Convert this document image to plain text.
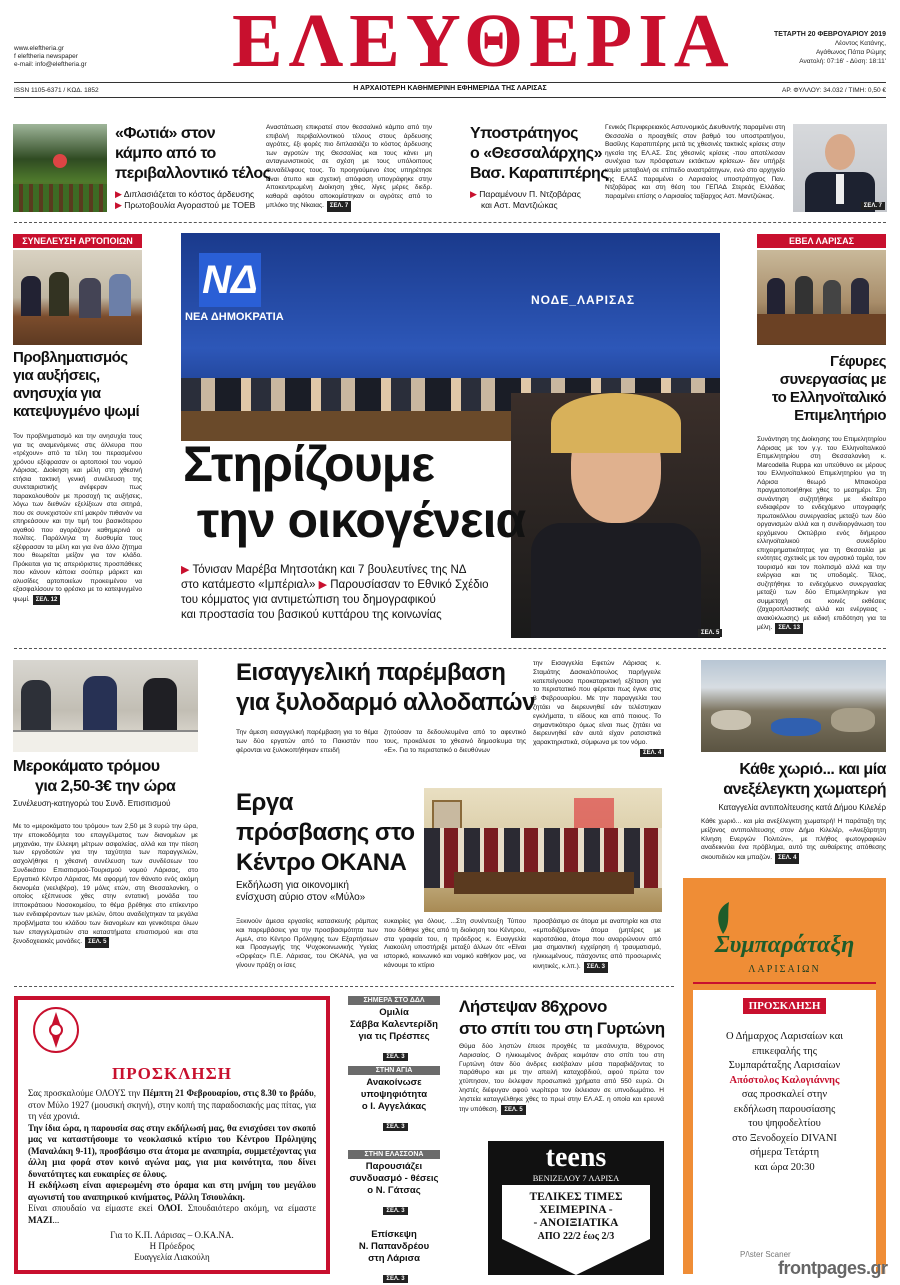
www.eleftheria.gr
f eleftheria newspaper
e-mail: info@eleftheria.gr ΕΛΕΥΘΕΡΙΑ	ΤΕΤΑΡΤΗ 20 ΦΕΒΡΟΥΑΡΙΟΥ 2019
Λέοντος Κατάνης,
Αγάθωνος Πάπα Ρώμης
Ανατολή: 07:16' - Δύση: 18:11'
ISSN 1105-6371 / ΚΩΔ. 1852	Η ΑΡΧΑΙΟΤΕΡΗ ΚΑΘΗΜΕΡΙΝΗ ΕΦΗΜΕΡΙΔΑ ΤΗΣ ΛΑΡΙΣΑΣ	ΑΡ. ΦΥΛΛΟΥ: 34.032 / ΤΙΜΗ: 0,50 €
«Φωτιά» στον
κάμπο από το
περιβαλλοντικό τέλος
▶ Διπλασιάζεται το κόστος άρδευσης
▶ Πρωτοβουλία Αγοραστού με ΤΟΕΒ
Αναστάτωση επικρατεί στον θεσσαλικό κάμπο από την επιβολή περιβαλλοντικού τέλους στους άρδευσης αγρότες, έξι φορές πιο διπλασιάζει το κόστος άρδευσης των αγροτών της Θεσσαλίας και τους κάνει μη ανταγωνιστικούς σε σχέση με τους υπόλοιπους συναδέλφους τους. Το προηγούμενο έτος υπηρέτησε είναι άτυπο και σχετική απόφαση υπογράφηκε στην Αποκεντρωμένη Διοίκηση χθες, λίγες μέρες διεδρ. καθαρά αφότου αποκομίστηκαν οι αγρότες από το μπλόκο της Νίκαιας. ΣΕΛ. 7
Υποστράτηγος
ο «Θεσσαλάρχης»
Βασ. Καραπιπέρης
▶ Παραμένουν Π. Ντζοβάρας
και Αστ. Μαντζιώκας
Γενικός Περιφερειακός Αστυνομικός Διευθυντής παραμένει στη Θεσσαλία ο προαχθείς στον βαθμό του υποστρατήγου, Βασίλης Καραπιπέρης μετά τις χθεσινές τακτικές κρίσεις στην ηγεσία της ΕΛ.ΑΣ. Στις χθεσινές κρίσεις -που αποτέλεσαν συνέχεια των πρόσφατων εκτάκτων κρίσεων- δεν υπήρξε καμία μεταβολή σε επίπεδο αναστράτηγων, ενώ στο αρχηγείο της ΕΛΑΣ παραμένει ο Λαρισαίος υποστράτηγος Παν. Ντζοβάρας και στη θέση του ΓΕΠΑΔ Στερεάς Ελλάδας παραμένει επίσης ο Λαρισαίος ταξίαρχος Αστ. Μαντζιώκας.
ΣΕΛ. 7
ΣΥΝΕΛΕΥΣΗ ΑΡΤΟΠΟΙΩΝ
Προβληματισμός
για αυξήσεις,
ανησυχία για
κατεψυγμένο ψωμί
Τον προβληματισμό και την ανησυχία τους για τις αναμενόμενες στις άλλευρα που «τρέχουν» από τα τέλη του περασμένου χρόνου εξέφρασαν οι αρτοποιοί του νομού Λάρισας. Διοίκηση και μέλη στη χθεσινή ετήσια τακτική γενική συνέλευση της συνεταιριστικής ανέφεραν πως παρακολουθούν με προσοχή τις αυξήσεις, λόγω των διεθνών εξελίξεων στα σιτηρά, που σε συνεχιστούν επί μακρόν πιθανόν να επηρεάσουν και την τιμή του βασικότερου αγαθού που αγοράζουν καθημερινά οι πολίτες. Παράλληλα τη δυσθυμία τους εξέφρασαν τα μέλη και για ένα άλλο ζήτημα που θεωρείται μείζον για τον κλάδο. Πρόκειται για τις απεριόριστες προσπάθειες που κάνουν κάποια σούπερ μάρκετ και αλυσίδες αρτοποιείων προκειμένου να εξασφαλίσουν το φρέσκο με το κατεψυγμένο ψωμί. ΣΕΛ. 12
ΝΔ
ΝΕΑ ΔΗΜΟΚΡΑΤΙΑ
ΝΟΔΕ_ΛΑΡΙΣΑΣ
Στηρίζουμε
την οικογένεια
▶ Τόνισαν Μαρέβα Μητσοτάκη και 7 βουλευτίνες της ΝΔ
στο κατάμεστο «Ιμπέριαλ» ▶ Παρουσίασαν το Εθνικό Σχέδιο
του κόμματος για αντιμετώπιση του δημογραφικού
και προστασία του βασικού κυττάρου της κοινωνίας
ΣΕΛ. 5
ΕΒΕΛ ΛΑΡΙΣΑΣ
Γέφυρες
συνεργασίας με
το Ελληνοϊταλικό
Επιμελητήριο
Συνάντηση της Διοίκησης του Επιμελητηρίου Λάρισας με τον γ.γ. του Ελληνοϊταλικού Επιμελητηρίου στη Θεσσαλονίκη κ. Marcodella Ruppa και υπεύθυνο εκ μέρους του Ελληνοϊταλικού Επιμελητηρίου για τη Λάρισα θεωρό Μπακούρα πραγματοποιήθηκε χθες το μεσημέρι. Στη συνάντηση συζητήθηκε με ιδιαίτερο ενδιαφέρον το ενδεχόμενο υπογραφής πρωτοκόλλου συνεργασίας μεταξύ των δύο οργανισμών αλλά και η συνδιοργάνωση του ερχόμενου Οκτώβριο ενός διήμερου ελληνοϊταλικού συνεδρίου επιχειρηματικότητας για τη Θεσσαλία με ενότητες σχετικές με τον αγροτικό τομέα, τον τουρισμό και τον πολιτισμό αλλά και την ενέργεια και τις υποδομές. Τέλος, συζητήθηκε το ενδεχόμενο συνεργασίας μεταξύ των δύο Επιμελητηρίων για συμμετοχή σε κοινές εκθέσεις (ζαχαροπλαστικής αλλά και ενέργειας - ανακύκλωσης) με ειδική επιδότηση για τα μέλη. ΣΕΛ. 13
Μεροκάματο τρόμου
για 2,50-3€ την ώρα
Συνέλευση-κατηγορώ του Συνδ. Επισιτισμού
Με το «μεροκάματο του τρόμου» των 2,50 με 3 ευρώ την ώρα, την εποικοδόμητα του επαγγέλματος των διανομέων με μηχανάκι, την έλλειψη μέτρων ασφαλείας, αλλά και την πίεση των εργοδοτών για την ταχύτητα των παραγγελιών, ασχολήθηκε η χθεσινή συνέλευση των συνδέσεων του Συνδικάτου Επισιτισμού-Τουρισμού νομού Λάρισας, στο Εργατικό Κέντρο Λάρισας. Με αφορμή τον θάνατο ενός ακόμη διανομέα (νεελιβέρα), 19 μόλις ετών, στη Θεσσαλονίκη, ο οποίος εξέπνευσε χθες στην εντατική μονάδα του Ιπποκράτειου Νοσοκομείου, το θέμα βρέθηκε στο επίκεντρο των ενδιαφέροντων των μελών, όπου αναδείχτηκαν τα μεγάλα προβλήματα του κλάδου των διανομέων και γενικότερα όλων των επαγγελματιών στα καταστήματα επισιτισμού και στα ξενοδοχειακές μονάδες. ΣΕΛ. 5
Εισαγγελική παρέμβαση
για ξυλοδαρμό αλλοδαπών
Την άμεση εισαγγελική παρέμβαση για το θέμα των δύο εργατών από το Πακιστάν που φέρονται να ξυλοκοπήθηκαν επειδή
ζητούσαν τα δεδουλευμένα από το αφεντικό τους, προκάλεσε το χθεσινό δημοσίευμα της «Ε». Για το περιστατικό ο διευθύνων
την Εισαγγελία Εφετών Λάρισας κ. Σταμάτης Δασκαλόπουλος παρήγγειλε κατεπείγουσα προκαταρκτική εξέταση για το περιστατικό που φέρεται πως έγινε στις 8 Φεβρουαρίου. Με την παραγγελία του ζητάει να διερευνηθεί εάν τελέστηκαν εγκλήματα, τι είδους και από ποιους. Το σημαντικότερο όμως είναι πως ζητάει να διερευνηθεί εάν αυτά είχαν ρατσιστικά χαρακτηριστικά, σύμφωνα με τον νόμο.
ΣΕΛ. 4
Κάθε χωριό... και μία
ανεξέλεγκτη χωματερή
Καταγγελία αντιπολίτευσης κατά Δήμου Κιλελέρ
Κάθε χωριό... και μία ανεξέλεγκτη χωματερή! Η παράταξη της μείζονος αντιπολίτευσης στον Δήμο Κιλελέρ, «Ανεξάρτητη Κίνηση Ενεργών Πολιτών», με πλήθος φωτογραφιών αναδεικνύει ένα πρόβλημα, αυτό της αυθαίρετης απόθεσης σκουπιδιών και μπαζών. ΣΕΛ. 4
Εργα
πρόσβασης στο
Κέντρο ΟΚΑΝΑ
Εκδήλωση για οικονομική
ενίσχυση αύριο στον «Μύλο»
Ξεκινούν άμεσα εργασίες κατασκευής ράμπας και παρεμβάσεις για την προσβασιμότητα των ΑμεΑ, στο Κέντρο Πρόληψης των Εξαρτήσεων και Προαγωγής της Ψυχοκοινωνικής Υγείας «Ορφέας» Π.Ε. Λάρισας, του ΟΚΑΝΑ, για να γίνουν πράξη οι ίσες
ευκαιρίες για όλους. ...Στη συνέντευξη Τύπου που δόθηκε χθες από τη διοίκηση του Κέντρου, στα γραφεία του, η πρόεδρος κ. Ευαγγελία Λιακούλη υποστήριξε μεταξύ άλλων ότι: «Είναι ιστορικό, κοινωνικό και νομικό καθήκον μας, να κάνουμε το κτίριο
προσβάσιμο σε άτομα με αναπηρία και στα «εμποδιζόμενα» άτομα (μητέρες με καροτσάκια, άτομα που αναρρώνουν από μια σημαντική εγχείρηση ή τραυματισμό, ηλικιωμένους, πάσχοντες από προσωρινές κινητικές, κ.λπ.). ΣΕΛ. 3
ΠΡΟΣΚΛΗΣΗ

Σας προσκαλούμε ΟΛΟΥΣ την Πέμπτη 21 Φεβρουαρίου, στις 8.30 το βράδυ, στον Μύλο 1927 (μουσική σκηνή), στην κοπή της παραδοσιακής μας πίτας, για τη νέα χρονιά.

Την ίδια ώρα, η παρουσία σας στην εκδήλωσή μας, θα ενισχύσει τον σκοπό μας να καταστήσουμε το νεοκλασικό κτίριο του Κέντρου Πρόληψης (Μαναλάκη 9-11), προσβάσιμο στα άτομα με αναπηρία, συμμετέχοντας για άλλη μια φορά στον κοινό αγώνα μας, για μια κοινότητα, που δίνει δυνατότητες και ευκαιρίες σε όλους.

Η εκδήλωση είναι αφιερωμένη στο όραμα και στη μνήμη του μεγάλου αγωνιστή του αναπηρικού κινήματος, Ράλλη Τσιουλάκη.

Είναι σπουδαίο να είμαστε εκεί ΟΛΟΙ. Σπουδαιότερο ακόμη, να είμαστε ΜΑΖΙ...

Για το Κ.Π. Λάρισας – Ο.ΚΑ.ΝΑ.
Η Πρόεδρος
Ευαγγελία Λιακούλη
ΣΗΜΕΡΑ ΣΤΟ ΔΔΛ
Ομιλία
Σάββα Καλεντερίδη
για τις Πρέσπες
ΣΕΛ. 3
ΣΤΗΝ ΑΓΙΑ
Ανακοίνωσε
υποψηφιότητα
ο Ι. Αγγελάκας
ΣΕΛ. 3
ΣΤΗΝ ΕΛΑΣΣΟΝΑ
Παρουσιάζει
συνδυασμό - θέσεις
ο Ν. Γάτσας
ΣΕΛ. 3
Επίσκεψη
Ν. Παπανδρέου
στη Λάρισα
ΣΕΛ. 3
Λήστεψαν 86χρονο
στο σπίτι του στη Γυρτώνη
Θύμα δύο ληστών έπεσε προχθές τα μεσάνυχτα, 86χρονος Λαρισαίος. Ο ηλικιωμένος άνδρας κοιμόταν στο σπίτι του στη Γυρτώνη όταν δύο άνδρες εισέβαλαν μέσα παραβιάζοντας το παράθυρο και με την απειλή καταχοβδιού, αφού πρώτα τον χτύπησαν, του έκλεψαν προσωπικά χρήματα από 550 ευρώ. Οι ληστές διέφυγαν αφού νωρίτερα τον έκλεισαν σε υπνοδωμάτιο. Η ληστεία καταγγέλθηκε χθες το πρωί στην ΕΛ.ΑΣ. η οποία και ερευνά την υπόθεση. ΣΕΛ. 5
teens
ΒΕΝΙΖΕΛΟΥ 7 ΛΑΡΙΣΑ
ΤΕΛΙΚΕΣ ΤΙΜΕΣ
ΧΕΙΜΕΡΙΝΑ -
- ΑΝΟΙΞΙΑΤΙΚΑ
ΑΠΟ 22/2 έως 2/3
Συμπαράταξη
ΛΑΡΙΣΑΙΩΝ
ΠΡΟΣΚΛΗΣΗ
Ο Δήμαρχος Λαρισαίων και
επικεφαλής της
Συμπαράταξης Λαρισαίων
Απόστολος Καλογιάννης
σας προσκαλεί στην
εκδήλωση παρουσίασης
του ψηφοδελτίου
στο Ξενοδοχείο DIVANI
σήμερα Τετάρτη
και ώρα 20:30
P/\ster Scaner
frontpages.gr
